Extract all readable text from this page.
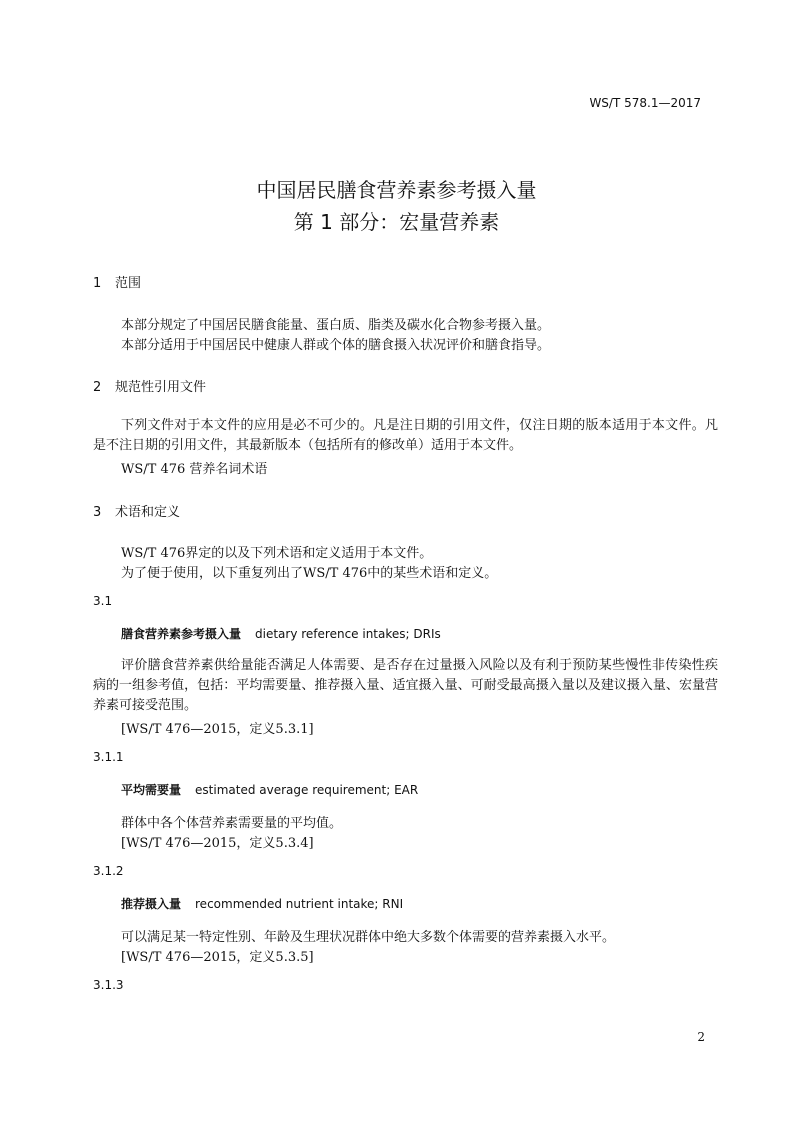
WS/T 578.1—2017
中国居民膳食营养素参考摄入量
第 1 部分：宏量营养素
1 范围
本部分规定了中国居民膳食能量、蛋白质、脂类及碳水化合物参考摄入量。
本部分适用于中国居民中健康人群或个体的膳食摄入状况评价和膳食指导。
2 规范性引用文件
下列文件对于本文件的应用是必不可少的。凡是注日期的引用文件，仅注日期的版本适用于本文件。凡是不注日期的引用文件，其最新版本（包括所有的修改单）适用于本文件。
WS/T 476 营养名词术语
3 术语和定义
WS/T 476界定的以及下列术语和定义适用于本文件。
为了便于使用，以下重复列出了WS/T 476中的某些术语和定义。
3.1
膳食营养素参考摄入量 dietary reference intakes; DRIs
评价膳食营养素供给量能否满足人体需要、是否存在过量摄入风险以及有利于预防某些慢性非传染性疾病的一组参考值，包括：平均需要量、推荐摄入量、适宜摄入量、可耐受最高摄入量以及建议摄入量、宏量营养素可接受范围。
[WS/T 476—2015，定义5.3.1]
3.1.1
平均需要量 estimated average requirement; EAR
群体中各个体营养素需要量的平均值。
[WS/T 476—2015，定义5.3.4]
3.1.2
推荐摄入量 recommended nutrient intake; RNI
可以满足某一特定性别、年龄及生理状况群体中绝大多数个体需要的营养素摄入水平。
[WS/T 476—2015，定义5.3.5]
3.1.3
2
